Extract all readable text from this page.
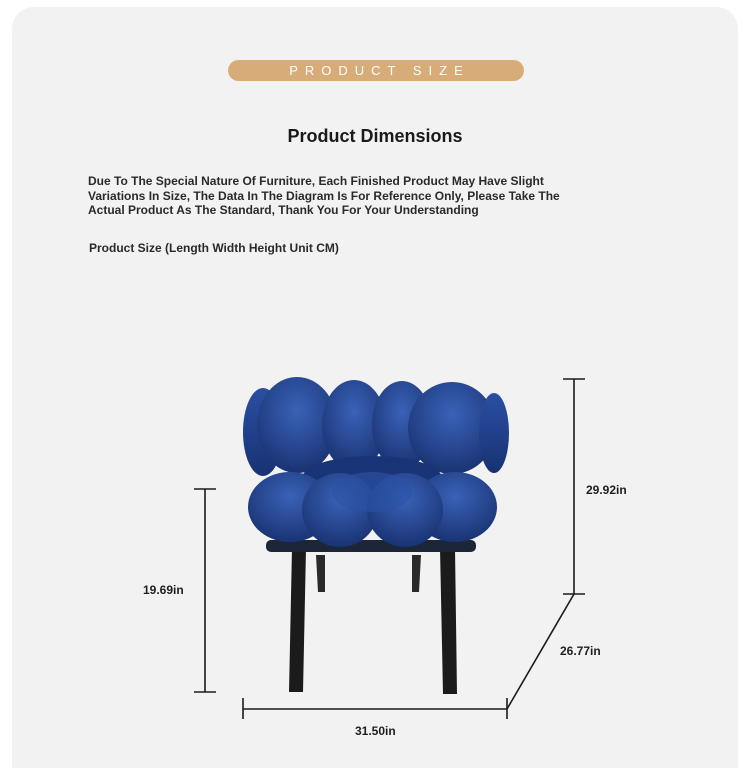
PRODUCT SIZE
Product Dimensions
Due To The Special Nature Of Furniture, Each Finished Product May Have Slight
Variations In Size, The Data In The Diagram Is For Reference Only, Please Take The
Actual Product As The Standard, Thank You For Your Understanding
Product Size (Length Width Height Unit CM)
29.92in
19.69in
26.77in
31.50in
